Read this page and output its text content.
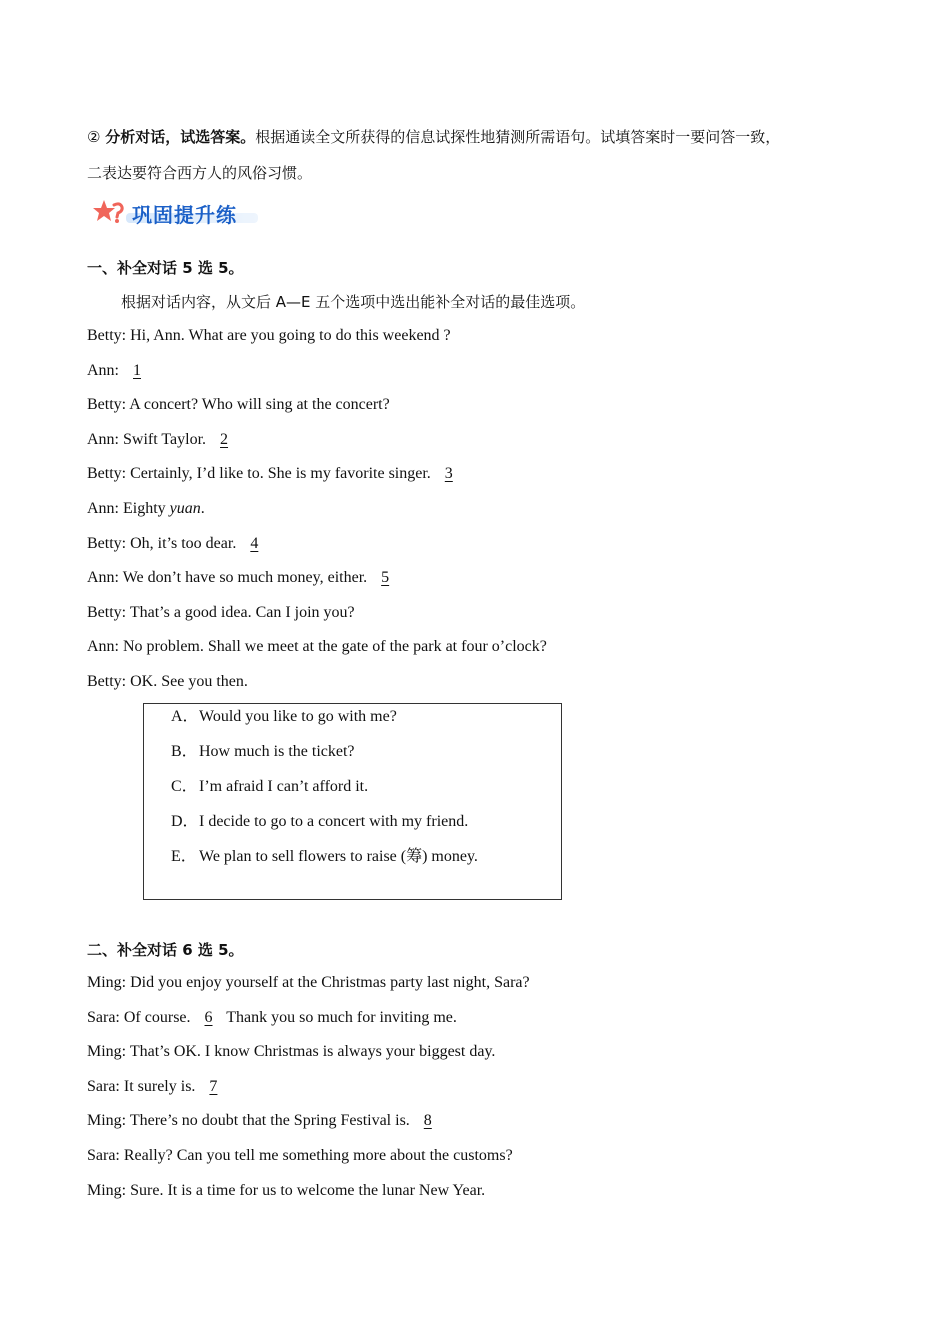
② 分析对话，试选答案。根据通读全文所获得的信息试探性地猜测所需语句。试填答案时一要问答一致，
二表达要符合西方人的风俗习惯。
巩固提升练
一、补全对话 5 选 5。
根据对话内容，从文后 A—E 五个选项中选出能补全对话的最佳选项。
Betty: Hi, Ann. What are you going to do this weekend ?
Ann: 1
Betty: A concert? Who will sing at the concert?
Ann: Swift Taylor. 2
Betty: Certainly, I’d like to. She is my favorite singer. 3
Ann: Eighty yuan.
Betty: Oh, it’s too dear. 4
Ann: We don’t have so much money, either. 5
Betty: That’s a good idea. Can I join you?
Ann: No problem. Shall we meet at the gate of the park at four o’clock?
Betty: OK. See you then.
A．Would you like to go with me?
B．How much is the ticket?
C．I’m afraid I can’t afford it.
D．I decide to go to a concert with my friend.
E． We plan to sell flowers to raise (筹) money.
二、补全对话 6 选 5。
Ming: Did you enjoy yourself at the Christmas party last night, Sara?
Sara: Of course. 6 Thank you so much for inviting me.
Ming: That’s OK. I know Christmas is always your biggest day.
Sara: It surely is. 7
Ming: There’s no doubt that the Spring Festival is. 8
Sara: Really? Can you tell me something more about the customs?
Ming: Sure. It is a time for us to welcome the lunar New Year.
